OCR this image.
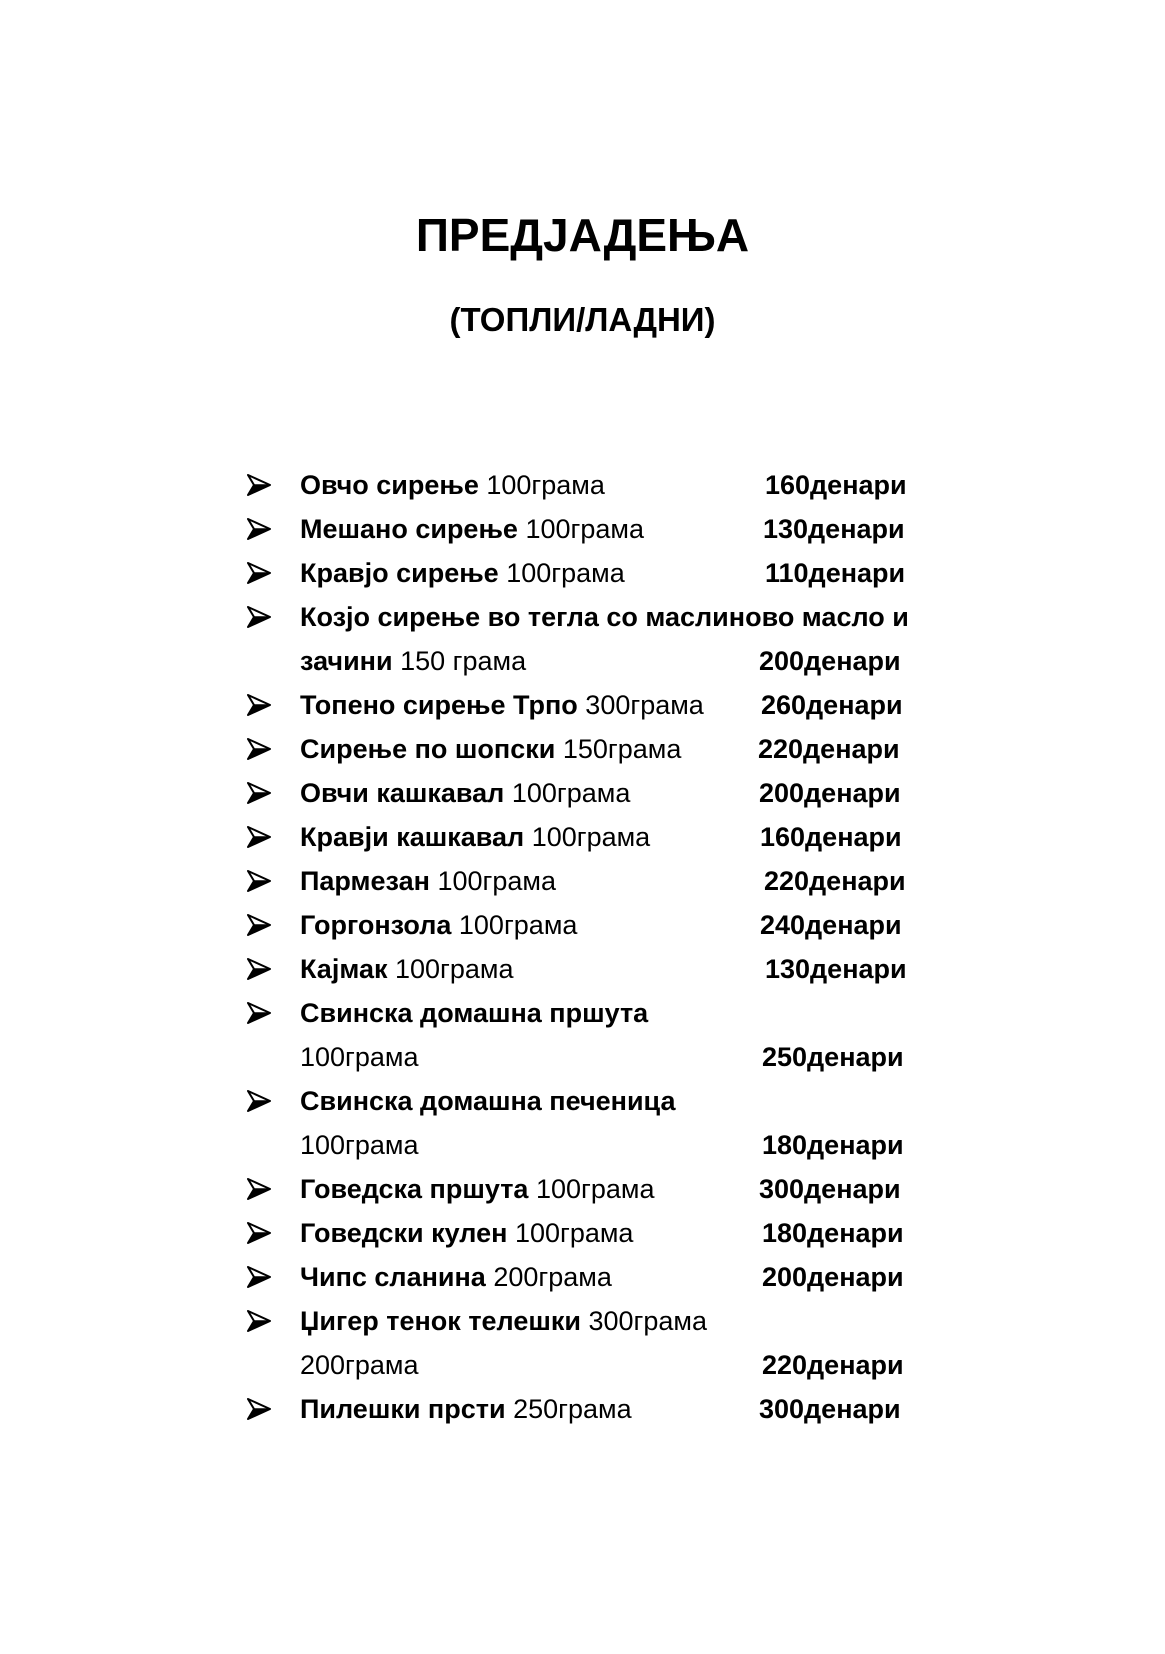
ПРЕДЈАДЕЊА
(ТОПЛИ/ЛАДНИ)
Овчо сирење 100грама	160денари
Мешано сирење 100грама	130денари
Кравјо сирење 100грама	110денари
Козјо сирење во тегла со маслиново масло и
зачини 150 грама	200денари
Топено сирење Трпо 300грама 260денари
Сирење по шопски 150грама	220денари
Овчи кашкавал 100грама	200денари
Кравји кашкавал 100грама	160денари
Пармезан 100грама	220денари
Горгонзола 100грама	240денари
Кајмак 100грама	130денари
Свинска домашна пршута
100грама	250денари
Свинска домашна печеница
100грама	180денари
Говедска пршута 100грама	300денари
Говедски кулен 100грама	180денари
Чипс сланина 200грама	200денари
Џигер тенок телешки 300грама
200грама	220денари
Пилешки прсти 250грама	300денари
